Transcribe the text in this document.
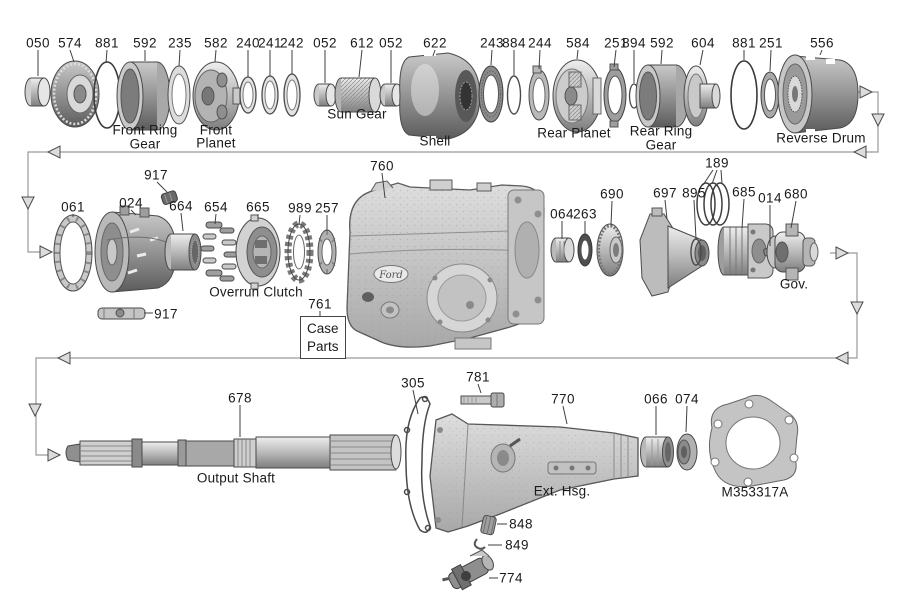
Ford
050 574 881 592 235 582 240
241
242 052 612 052 622 243
884 244 584 251
894 592 604 881 251 556
061	024
917
664 654 665 989 257
760
761
917
064 263
690 697 895
189
685 014 680
678
305	781
770	066 074
848
849
774
Front Ring
Gear
Front
Planet
Sun Gear
Shell
Rear Planet Rear Ring
Gear	Reverse Drum
Overrun Clutch
Gov.
Output Shaft
Ext. Hsg.	M353317A
Case
Parts
